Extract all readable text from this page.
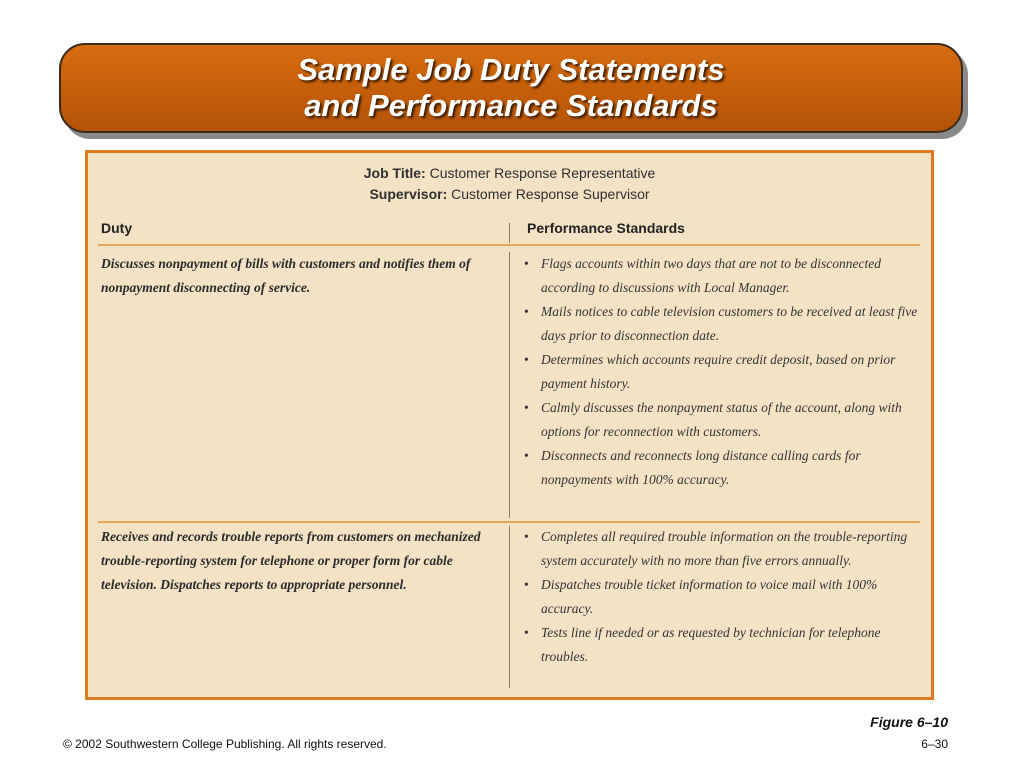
Sample Job Duty Statements
and Performance Standards
Job Title: Customer Response Representative
Supervisor: Customer Response Supervisor
Duty	Performance Standards
Discusses nonpayment of bills with customers and notifies them of nonpayment disconnecting of service.
• Flags accounts within two days that are not to be disconnected according to discussions with Local Manager.
• Mails notices to cable television customers to be received at least five days prior to disconnection date.
• Determines which accounts require credit deposit, based on prior payment history.
• Calmly discusses the nonpayment status of the account, along with options for reconnection with customers.
• Disconnects and reconnects long distance calling cards for nonpayments with 100% accuracy.
Receives and records trouble reports from customers on mechanized trouble-reporting system for telephone or proper form for cable television. Dispatches reports to appropriate personnel.
• Completes all required trouble information on the trouble-reporting system accurately with no more than five errors annually.
• Dispatches trouble ticket information to voice mail with 100% accuracy.
• Tests line if needed or as requested by technician for telephone troubles.
Figure 6–10
© 2002 Southwestern College Publishing. All rights reserved.	6–30
